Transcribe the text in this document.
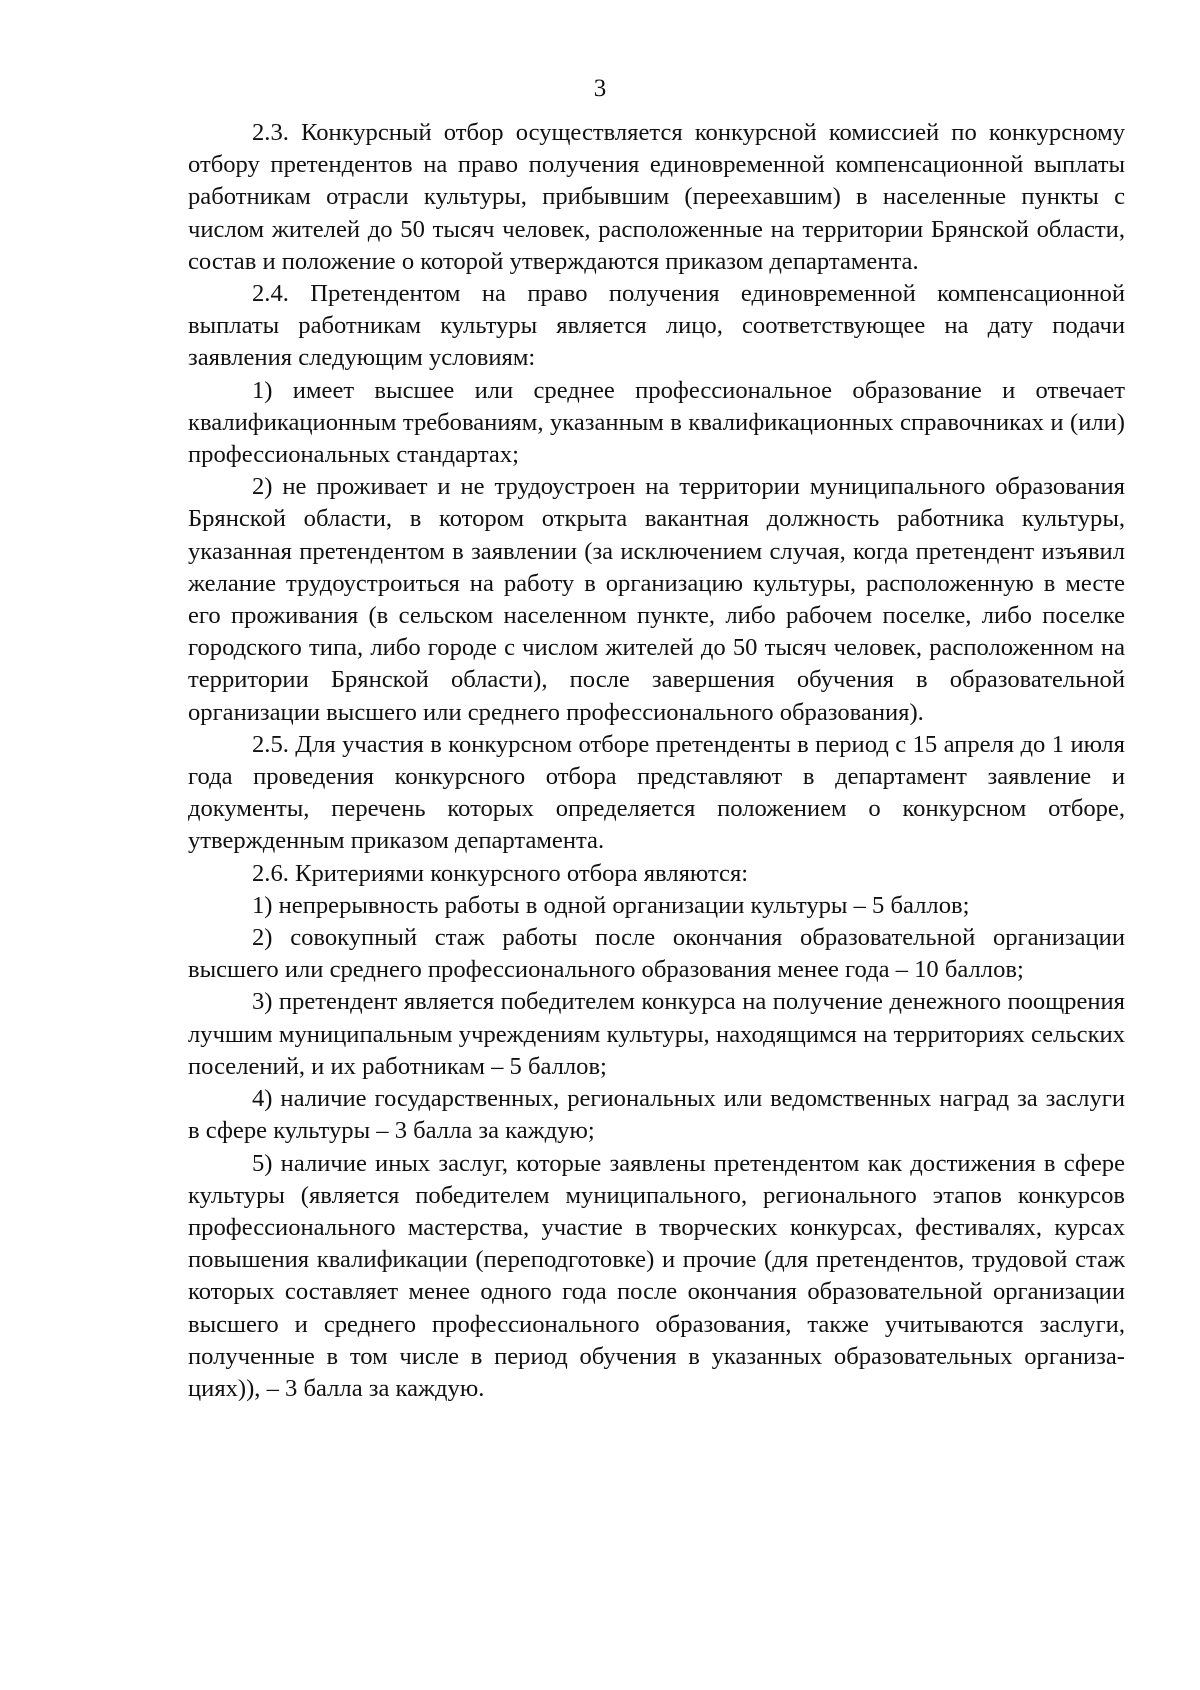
3

2.3. Конкурсный отбор осуществляется конкурсной комиссией по конкурсному отбору претендентов на право получения единовременной компенсационной выплаты работникам отрасли культуры, прибывшим (переехавшим) в населенные пункты с числом жителей до 50 тысяч человек, расположенные на территории Брянской области, состав и положение о которой утверждаются приказом департамента.

2.4. Претендентом на право получения единовременной компенсационной выплаты работникам культуры является лицо, соответствующее на дату подачи заявления следующим условиям:

1) имеет высшее или среднее профессиональное образование и отвечает квалификационным требованиям, указанным в квалификационных справочниках и (или) профессиональных стандартах;

2) не проживает и не трудоустроен на территории муниципального образования Брянской области, в котором открыта вакантная должность работника культуры, указанная претендентом в заявлении (за исключением случая, когда претендент изъявил желание трудоустроиться на работу в организацию культуры, расположенную в месте его проживания (в сельском населенном пункте, либо рабочем поселке, либо поселке городского типа, либо городе с числом жителей до 50 тысяч человек, расположенном на территории Брянской области), после завершения обучения в образовательной организации высшего или среднего профессионального образования).

2.5. Для участия в конкурсном отборе претенденты в период с 15 апреля до 1 июля года проведения конкурсного отбора представляют в департамент заявление и документы, перечень которых определяется положением о конкурсном отборе, утвержденным приказом департамента.

2.6. Критериями конкурсного отбора являются:

1) непрерывность работы в одной организации культуры – 5 баллов;

2) совокупный стаж работы после окончания образовательной организации высшего или среднего профессионального образования менее года – 10 баллов;

3) претендент является победителем конкурса на получение денежного поощрения лучшим муниципальным учреждениям культуры, находящимся на территориях сельских поселений, и их работникам – 5 баллов;

4) наличие государственных, региональных или ведомственных наград за заслуги в сфере культуры – 3 балла за каждую;

5) наличие иных заслуг, которые заявлены претендентом как достижения в сфере культуры (является победителем муниципального, регионального этапов конкурсов профессионального мастерства, участие в творческих конкурсах, фестивалях, курсах повышения квалификации (переподготовке) и прочие (для претендентов, трудовой стаж которых составляет менее одного года после окончания образовательной организации высшего и среднего профессионального образования, также учитываются заслуги, полученные в том числе в период обучения в указанных образовательных организациях)), – 3 балла за каждую.
